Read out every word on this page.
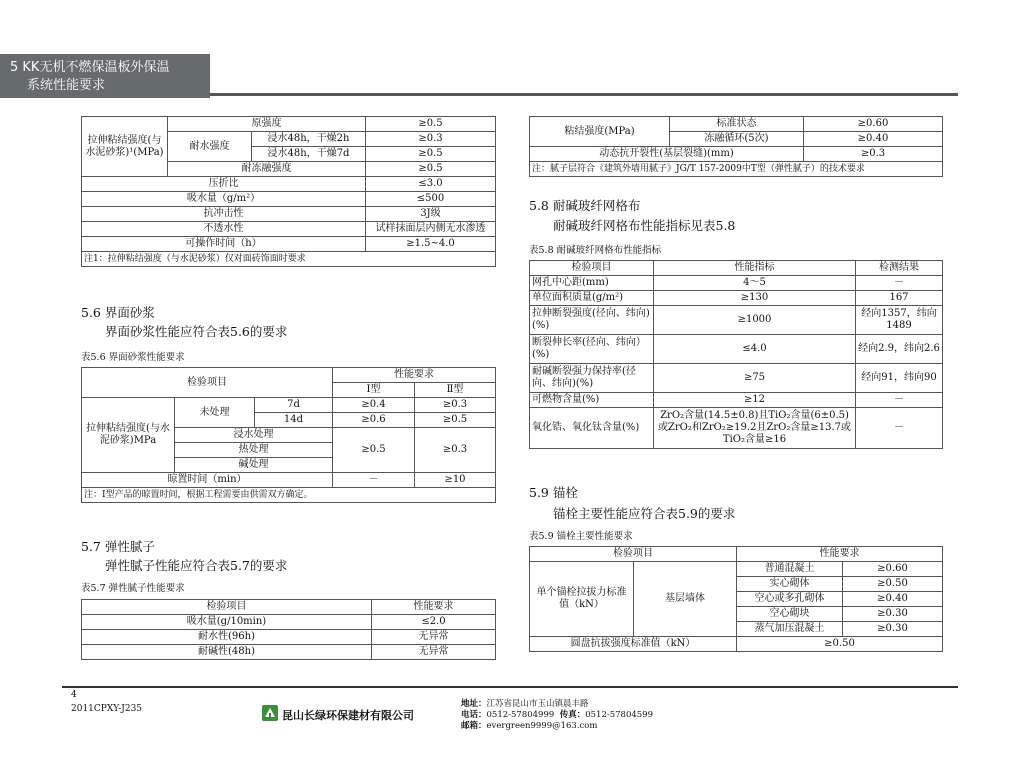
5 KK无机不燃保温板外保温
系统性能要求
拉伸粘结强度(与水泥砂浆)¹(MPa)	原强度		≥0.5
	耐水强度	浸水48h，干燥2h	≥0.3
		浸水48h，干燥7d	≥0.5
	耐冻融强度		≥0.5
压折比			≤3.0
吸水量（g/m²）			≤500
抗冲击性			3J级
不透水性			试样抹面层内侧无水渗透
可操作时间（h）			≥1.5~4.0
注1：拉伸粘结强度（与水泥砂浆）仅对面砖饰面时要求			
5.6 界面砂浆
界面砂浆性能应符合表5.6的要求
表5.6 界面砂浆性能要求
检验项目			性能要求	
			Ⅰ型	Ⅱ型
拉伸粘结强度(与水泥砂浆)MPa	未处理	7d	≥0.4	≥0.3
		14d	≥0.6	≥0.5
	浸水处理		≥0.5	≥0.3
	热处理			
	碱处理			
晾置时间（min）			－	≥10
注：Ⅰ型产品的晾置时间，根据工程需要由供需双方确定。				
5.7 弹性腻子
弹性腻子性能应符合表5.7的要求
表5.7 弹性腻子性能要求
检验项目	性能要求
吸水量(g/10min)	≤2.0
耐水性(96h)	无异常
耐碱性(48h)	无异常
粘结强度(MPa)	标准状态	≥0.60
	冻融循环(5次)	≥0.40
动态抗开裂性(基层裂缝)(mm)		≥0.3
注：腻子层符合《建筑外墙用腻子》JG/T 157-2009中T型（弹性腻子）的技术要求		
5.8 耐碱玻纤网格布
耐碱玻纤网格布性能指标见表5.8
表5.8 耐碱玻纤网格布性能指标
检验项目	性能指标	检测结果
网孔中心距(mm)	4～5	－
单位面积质量(g/m²)	≥130	167
拉伸断裂强度(径向、纬向)(%)	≥1000	经向1357，纬向1489
断裂伸长率(径向、纬向）(%)	≤4.0	经向2.9，纬向2.6
耐碱断裂强力保持率(径向、纬向)(%)	≥75	经向91，纬向90
可燃物含量(%)	≥12	－
氧化锆、氧化钛含量(%)	ZrO₂含量(14.5±0.8)且TiO₂含量(6±0.5)或ZrO₂和ZrO₂≥19.2且ZrO₂含量≥13.7或TiO₂含量≥16	－
5.9 锚栓
锚栓主要性能应符合表5.9的要求
表5.9 锚栓主要性能要求
检验项目		性能要求	
单个锚栓拉拔力标准值（kN）	基层墙体	普通混凝土	≥0.60
		实心砌体	≥0.50
		空心或多孔砌体	≥0.40
		空心砌块	≥0.30
		蒸气加压混凝土	≥0.30
圆盘抗拔强度标准值（kN）		≥0.50	
4
2011CPXY-J235	昆山长绿环保建材有限公司
地址：江苏省昆山市玉山镇晨丰路
电话：0512-57804999 传真：0512-57804599
邮箱：evergreen9999@163.com
